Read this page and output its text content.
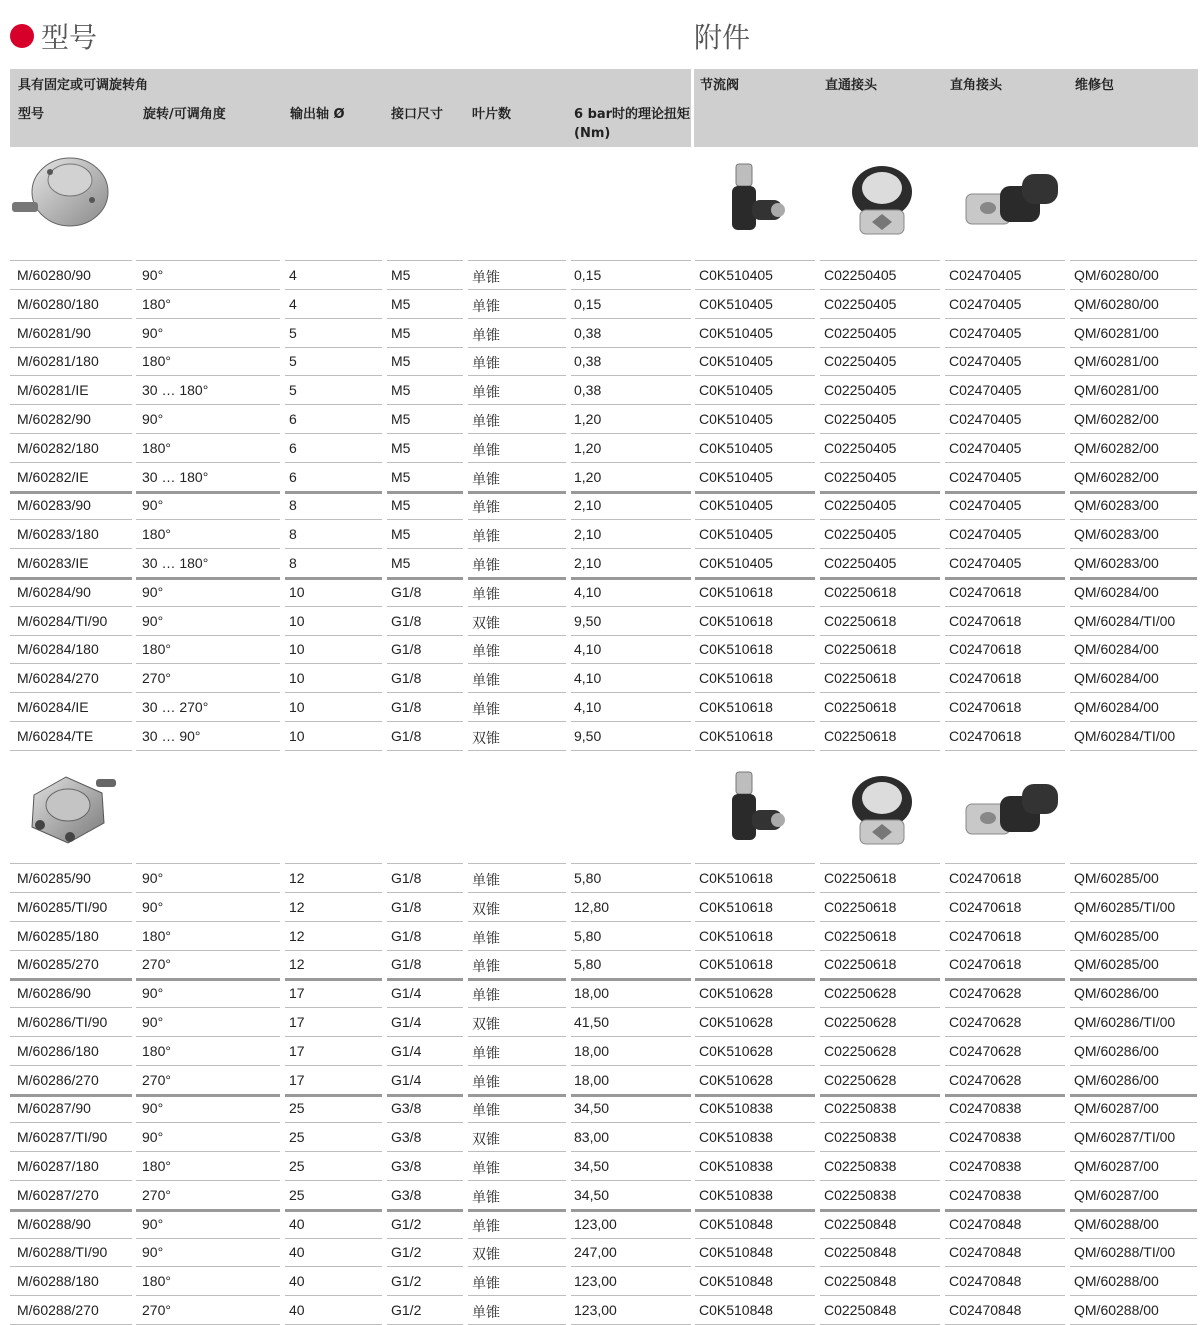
型号	附件
具有固定或可调旋转角
型号	旋转/可调角度	输出轴 Ø	接口尺寸 叶片数	6 bar时的理论扭矩
(Nm)
节流阀	直通接头	直角接头	维修包
M/60280/90	90°	4	M5	单锥	0,15	C0K510405	C02250405	C02470405	QM/60280/00
M/60280/180	180°	4	M5	单锥	0,15	C0K510405	C02250405	C02470405	QM/60280/00
M/60281/90	90°	5	M5	单锥	0,38	C0K510405	C02250405	C02470405	QM/60281/00
M/60281/180	180°	5	M5	单锥	0,38	C0K510405	C02250405	C02470405	QM/60281/00
M/60281/IE	30 … 180°	5	M5	单锥	0,38	C0K510405	C02250405	C02470405	QM/60281/00
M/60282/90	90°	6	M5	单锥	1,20	C0K510405	C02250405	C02470405	QM/60282/00
M/60282/180	180°	6	M5	单锥	1,20	C0K510405	C02250405	C02470405	QM/60282/00
M/60282/IE	30 … 180°	6	M5	单锥	1,20	C0K510405	C02250405	C02470405	QM/60282/00
M/60283/90	90°	8	M5	单锥	2,10	C0K510405	C02250405	C02470405	QM/60283/00
M/60283/180	180°	8	M5	单锥	2,10	C0K510405	C02250405	C02470405	QM/60283/00
M/60283/IE	30 … 180°	8	M5	单锥	2,10	C0K510405	C02250405	C02470405	QM/60283/00
M/60284/90	90°	10	G1/8	单锥	4,10	C0K510618	C02250618	C02470618	QM/60284/00
M/60284/TI/90 90°	10	G1/8	双锥	9,50	C0K510618	C02250618	C02470618	QM/60284/TI/00
M/60284/180	180°	10	G1/8	单锥	4,10	C0K510618	C02250618	C02470618	QM/60284/00
M/60284/270	270°	10	G1/8	单锥	4,10	C0K510618	C02250618	C02470618	QM/60284/00
M/60284/IE	30 … 270°	10	G1/8	单锥	4,10	C0K510618	C02250618	C02470618	QM/60284/00
M/60284/TE	30 … 90°	10	G1/8	双锥	9,50	C0K510618	C02250618	C02470618	QM/60284/TI/00
M/60285/90	90°	12	G1/8	单锥	5,80	C0K510618	C02250618	C02470618	QM/60285/00
M/60285/TI/90 90°	12	G1/8	双锥	12,80	C0K510618	C02250618	C02470618	QM/60285/TI/00
M/60285/180	180°	12	G1/8	单锥	5,80	C0K510618	C02250618	C02470618	QM/60285/00
M/60285/270	270°	12	G1/8	单锥	5,80	C0K510618	C02250618	C02470618	QM/60285/00
M/60286/90	90°	17	G1/4	单锥	18,00	C0K510628	C02250628	C02470628	QM/60286/00
M/60286/TI/90 90°	17	G1/4	双锥	41,50	C0K510628	C02250628	C02470628	QM/60286/TI/00
M/60286/180	180°	17	G1/4	单锥	18,00	C0K510628	C02250628	C02470628	QM/60286/00
M/60286/270	270°	17	G1/4	单锥	18,00	C0K510628	C02250628	C02470628	QM/60286/00
M/60287/90	90°	25	G3/8	单锥	34,50	C0K510838	C02250838	C02470838	QM/60287/00
M/60287/TI/90 90°	25	G3/8	双锥	83,00	C0K510838	C02250838	C02470838	QM/60287/TI/00
M/60287/180	180°	25	G3/8	单锥	34,50	C0K510838	C02250838	C02470838	QM/60287/00
M/60287/270	270°	25	G3/8	单锥	34,50	C0K510838	C02250838	C02470838	QM/60287/00
M/60288/90	90°	40	G1/2	单锥	123,00	C0K510848	C02250848	C02470848	QM/60288/00
M/60288/TI/90 90°	40	G1/2	双锥	247,00	C0K510848	C02250848	C02470848	QM/60288/TI/00
M/60288/180	180°	40	G1/2	单锥	123,00	C0K510848	C02250848	C02470848	QM/60288/00
M/60288/270	270°	40	G1/2	单锥	123,00	C0K510848	C02250848	C02470848	QM/60288/00
